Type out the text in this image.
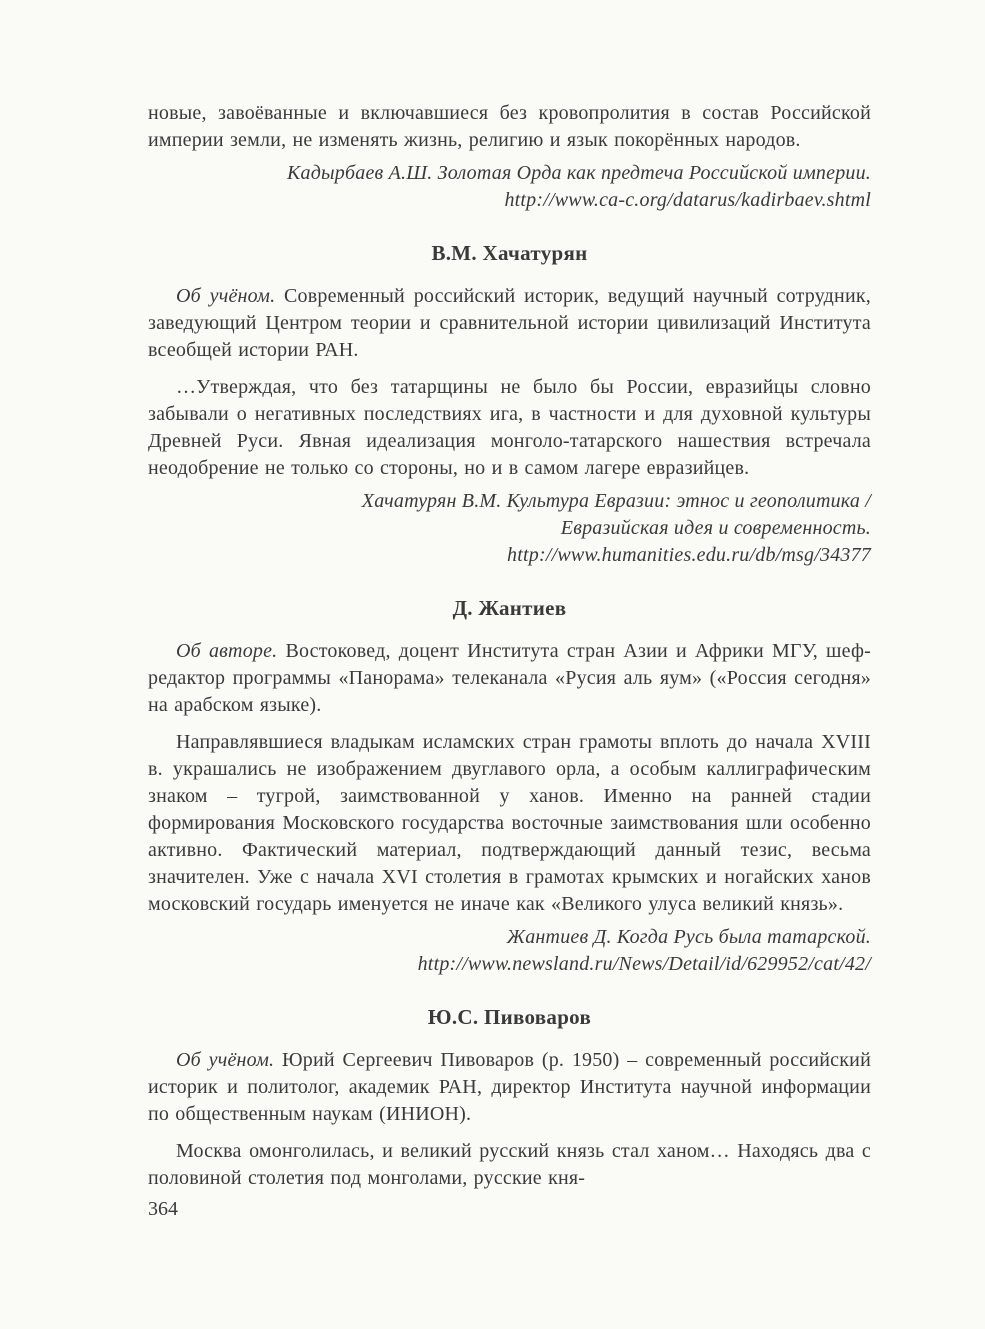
новые, завоёванные и включавшиеся без кровопролития в состав Российской империи земли, не изменять жизнь, религию и язык покорённых народов.

Кадырбаев А.Ш. Золотая Орда как предтеча Российской империи.
http://www.ca-c.org/datarus/kadirbaev.shtml

В.М. Хачатурян

Об учёном. Современный российский историк, ведущий научный сотрудник, заведующий Центром теории и сравнительной истории цивилизаций Института всеобщей истории РАН.

…Утверждая, что без татарщины не было бы России, евразийцы словно забывали о негативных последствиях ига, в частности и для духовной культуры Древней Руси. Явная идеализация монголо-татарского нашествия встречала неодобрение не только со стороны, но и в самом лагере евразийцев.

Хачатурян В.М. Культура Евразии: этнос и геополитика / Евразийская идея и современность. http://www.humanities.edu.ru/db/msg/34377

Д. Жантиев

Об авторе. Востоковед, доцент Института стран Азии и Африки МГУ, шеф-редактор программы «Панорама» телеканала «Русия аль яум» («Россия сегодня» на арабском языке).

Направлявшиеся владыкам исламских стран грамоты вплоть до начала XVIII в. украшались не изображением двуглавого орла, а особым каллиграфическим знаком – тугрой, заимствованной у ханов. Именно на ранней стадии формирования Московского государства восточные заимствования шли особенно активно. Фактический материал, подтверждающий данный тезис, весьма значителен. Уже с начала XVI столетия в грамотах крымских и ногайских ханов московский государь именуется не иначе как «Великого улуса великий князь».

Жантиев Д. Когда Русь была татарской.
http://www.newsland.ru/News/Detail/id/629952/cat/42/

Ю.С. Пивоваров

Об учёном. Юрий Сергеевич Пивоваров (р. 1950) – современный российский историк и политолог, академик РАН, директор Института научной информации по общественным наукам (ИНИОН).

Москва омонголилась, и великий русский князь стал ханом… Находясь два с половиной столетия под монголами, русские кня-

364
